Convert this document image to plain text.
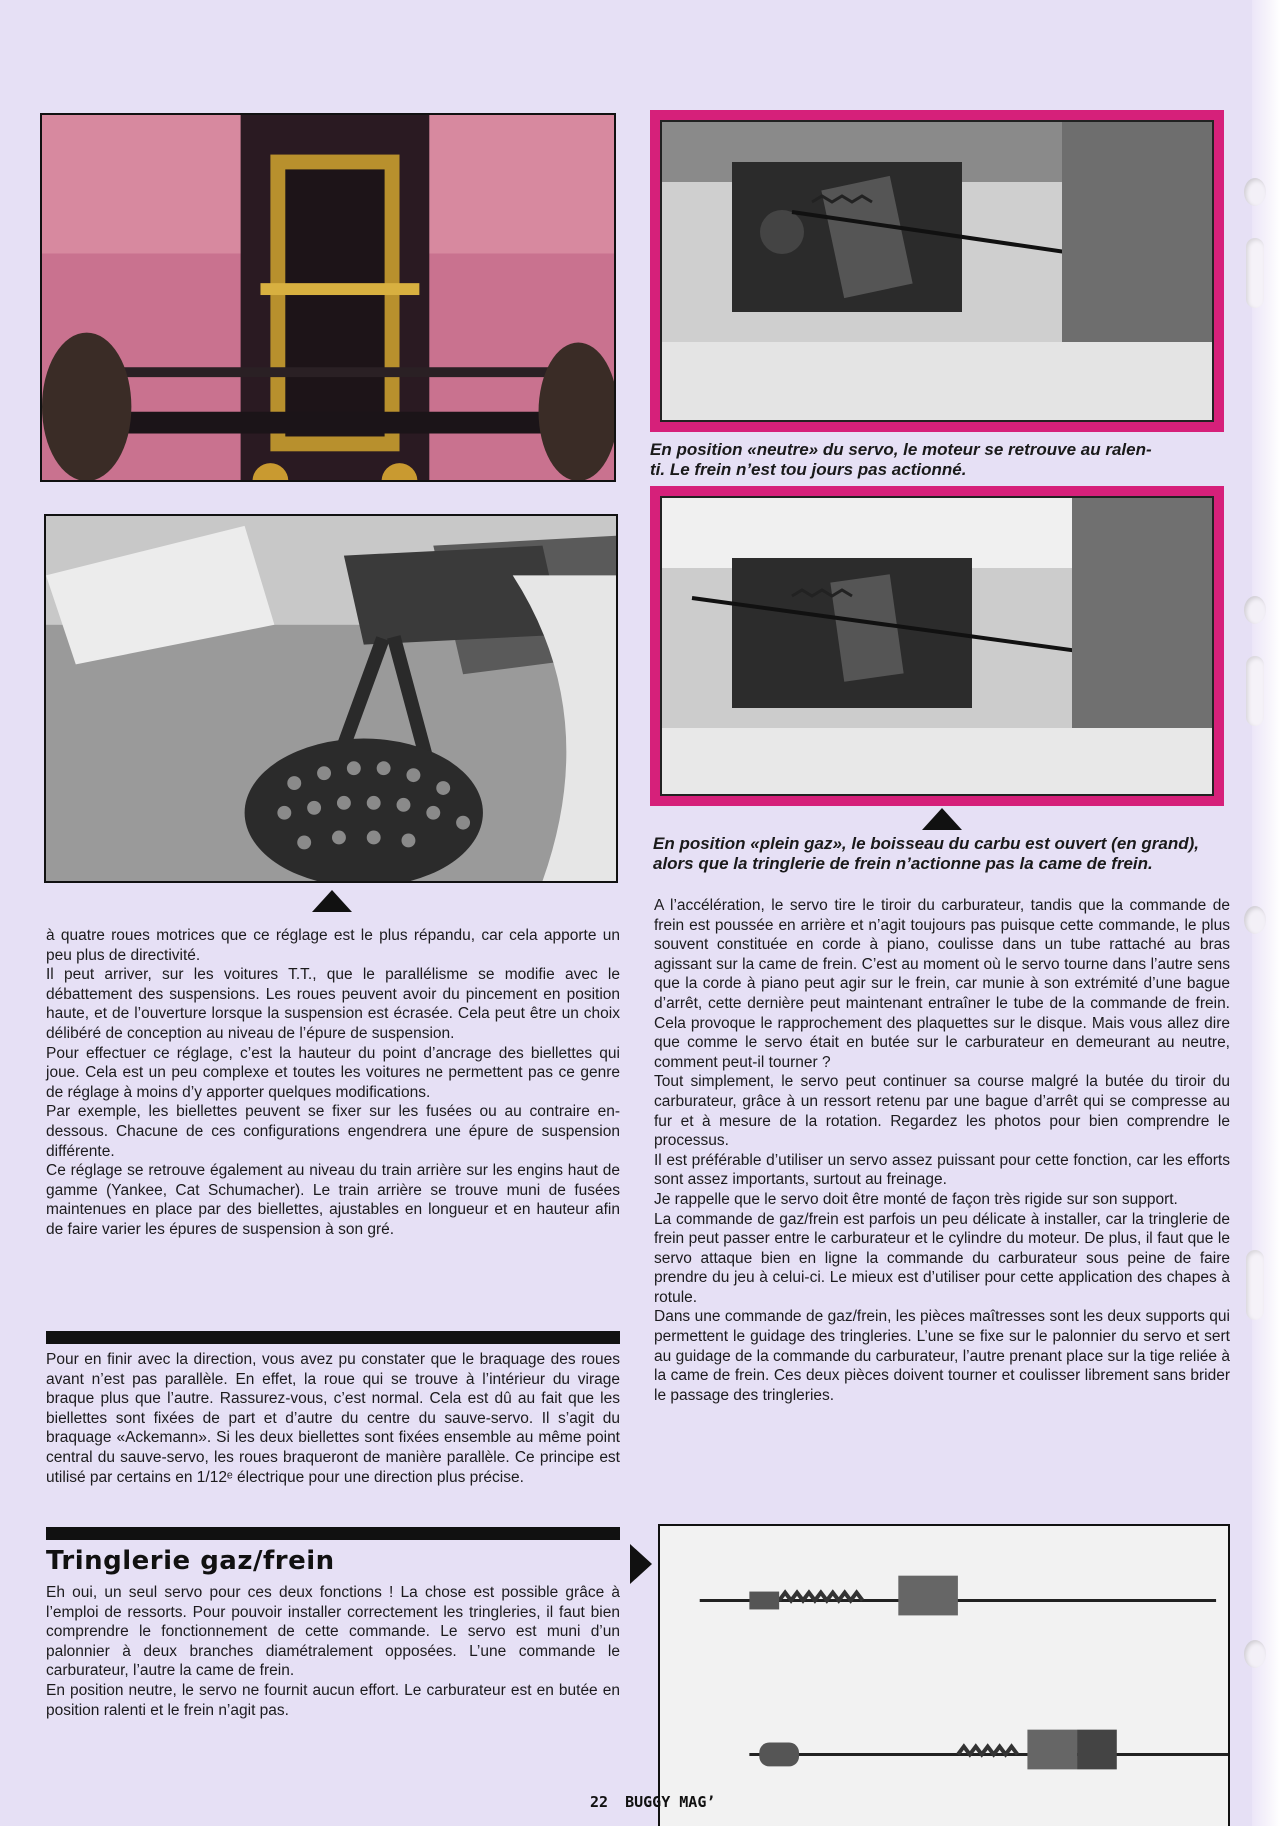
En position «neutre» du servo, le moteur se retrouve au ralen-
ti. Le frein n’est tou jours pas actionné.
En position «plein gaz», le boisseau du carbu est ouvert (en grand), alors que la tringlerie de frein n’actionne pas la came de frein.

à quatre roues motrices que ce réglage est le plus répandu, car cela apporte un peu plus de directivité.

Il peut arriver, sur les voitures T.T., que le parallélisme se modifie avec le débattement des suspensions. Les roues peuvent avoir du pincement en position haute, et de l’ouverture lorsque la suspension est écrasée. Cela peut être un choix délibéré de conception au niveau de l’épure de suspension.

Pour effectuer ce réglage, c’est la hauteur du point d’ancrage des biellettes qui joue. Cela est un peu complexe et toutes les voitures ne permettent pas ce genre de réglage à moins d’y apporter quelques modifications.

Par exemple, les biellettes peuvent se fixer sur les fusées ou au contraire en-dessous. Chacune de ces configurations engendrera une épure de suspension différente.

Ce réglage se retrouve également au niveau du train arrière sur les engins haut de gamme (Yankee, Cat Schumacher). Le train arrière se trouve muni de fusées maintenues en place par des biellettes, ajustables en longueur et en hauteur afin de faire varier les épures de suspension à son gré.

Pour en finir avec la direction, vous avez pu constater que le braquage des roues avant n’est pas parallèle. En effet, la roue qui se trouve à l’intérieur du virage braque plus que l’autre. Rassurez-vous, c’est normal. Cela est dû au fait que les biellettes sont fixées de part et d’autre du centre du sauve-servo. Il s’agit du braquage «Ackemann». Si les deux biellettes sont fixées ensemble au même point central du sauve-servo, les roues braqueront de manière parallèle. Ce principe est utilisé par certains en 1/12ᵉ électrique pour une direction plus précise.

Tringlerie gaz/frein

Eh oui, un seul servo pour ces deux fonctions ! La chose est possible grâce à l’emploi de ressorts. Pour pouvoir installer correctement les tringleries, il faut bien comprendre le fonctionnement de cette commande. Le servo est muni d’un palonnier à deux branches diamétralement opposées. L’une commande le carburateur, l’autre la came de frein.

En position neutre, le servo ne fournit aucun effort. Le carburateur est en butée en position ralenti et le frein n’agit pas.

A l’accélération, le servo tire le tiroir du carburateur, tandis que la commande de frein est poussée en arrière et n’agit toujours pas puisque cette commande, le plus souvent constituée en corde à piano, coulisse dans un tube rattaché au bras agissant sur la came de frein. C’est au moment où le servo tourne dans l’autre sens que la corde à piano peut agir sur le frein, car munie à son extrémité d’une bague d’arrêt, cette dernière peut maintenant entraîner le tube de la commande de frein. Cela provoque le rapprochement des plaquettes sur le disque. Mais vous allez dire que comme le servo était en butée sur le carburateur en demeurant au neutre, comment peut-il tourner ?

Tout simplement, le servo peut continuer sa course malgré la butée du tiroir du carburateur, grâce à un ressort retenu par une bague d’arrêt qui se compresse au fur et à mesure de la rotation. Regardez les photos pour bien comprendre le processus.

Il est préférable d’utiliser un servo assez puissant pour cette fonction, car les efforts sont assez importants, surtout au freinage.

Je rappelle que le servo doit être monté de façon très rigide sur son support.

La commande de gaz/frein est parfois un peu délicate à installer, car la tringlerie de frein peut passer entre le carburateur et le cylindre du moteur. De plus, il faut que le servo attaque bien en ligne la commande du carburateur sous peine de faire prendre du jeu à celui-ci. Le mieux est d’utiliser pour cette application des chapes à rotule.

Dans une commande de gaz/frein, les pièces maîtresses sont les deux supports qui permettent le guidage des tringleries. L’une se fixe sur le palonnier du servo et sert au guidage de la commande du carburateur, l’autre prenant place sur la tige reliée à la came de frein. Ces deux pièces doivent tourner et coulisser librement sans brider le passage des tringleries.

22 BUGGY MAG’
